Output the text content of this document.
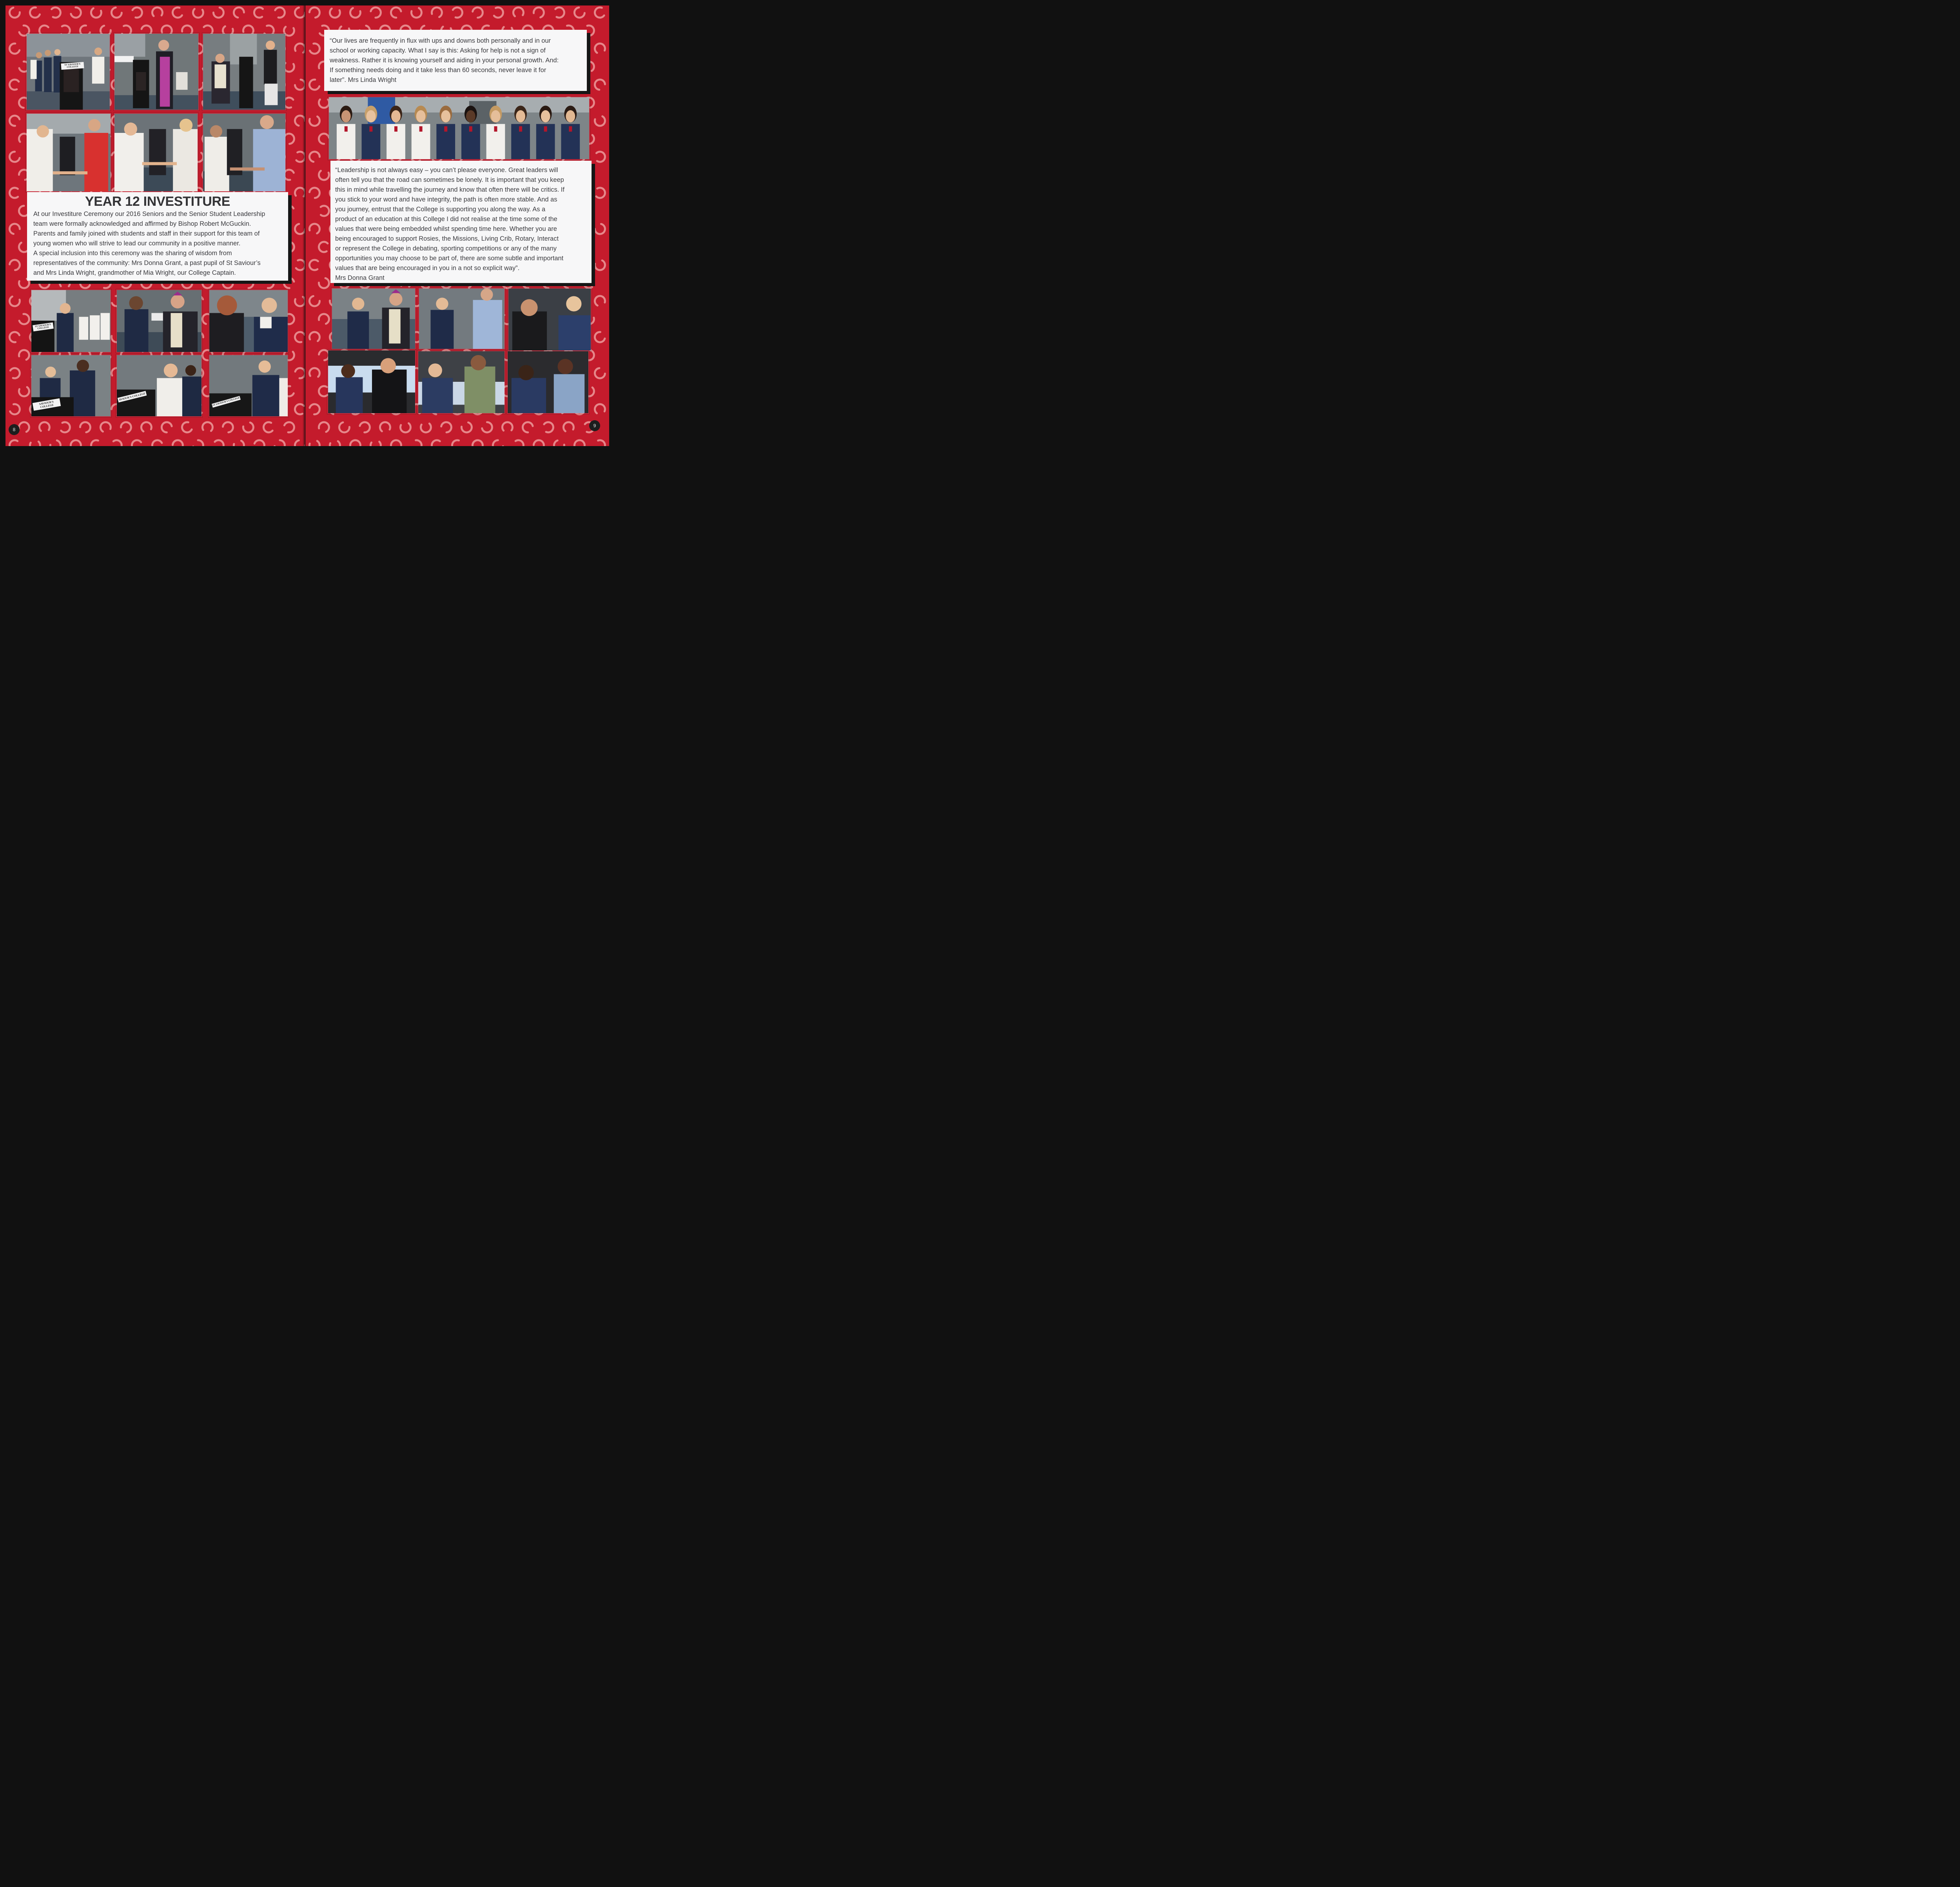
ST SAVIOUR'S COLLEGE
YEAR 12 INVESTITURE
At our Investiture Ceremony our 2016 Seniors and the Senior Student Leadership
team were formally acknowledged and affirmed by Bishop Robert McGuckin.
Parents and family joined with students and staff in their support for this team of
young women who will strive to lead our community in a positive manner.
A special inclusion into this ceremony was the sharing of wisdom from
representatives of the community: Mrs Donna Grant, a past pupil of St Saviour’s
and Mrs Linda Wright, grandmother of Mia Wright, our College Captain.
ST SAVIOUR'S COLLEGE
SAVIOUR'S COLLEGE
AVIOUR'S COLLEGE
ST SAVIOUR'S COLLEGE
8
“Our lives are frequently in flux with ups and downs both personally and in our
school or working capacity. What I say is this: Asking for help is not a sign of
weakness. Rather it is knowing yourself and aiding in your personal growth. And:
If something needs doing and it take less than 60 seconds, never leave it for
later”. Mrs Linda Wright
“Leadership is not always easy – you can’t please everyone. Great leaders will
often tell you that the road can sometimes be lonely. It is important that you keep
this in mind while travelling the journey and know that often there will be critics. If
you stick to your word and have integrity, the path is often more stable. And as
you journey, entrust that the College is supporting you along the way. As a
product of an education at this College I did not realise at the time some of the
values that were being embedded whilst spending time here. Whether you are
being encouraged to support Rosies, the Missions, Living Crib, Rotary, Interact
or represent the College in debating, sporting competitions or any of the many
opportunities you may choose to be part of, there are some subtle and important
values that are being encouraged in you in a not so explicit way”.
Mrs Donna Grant
9
